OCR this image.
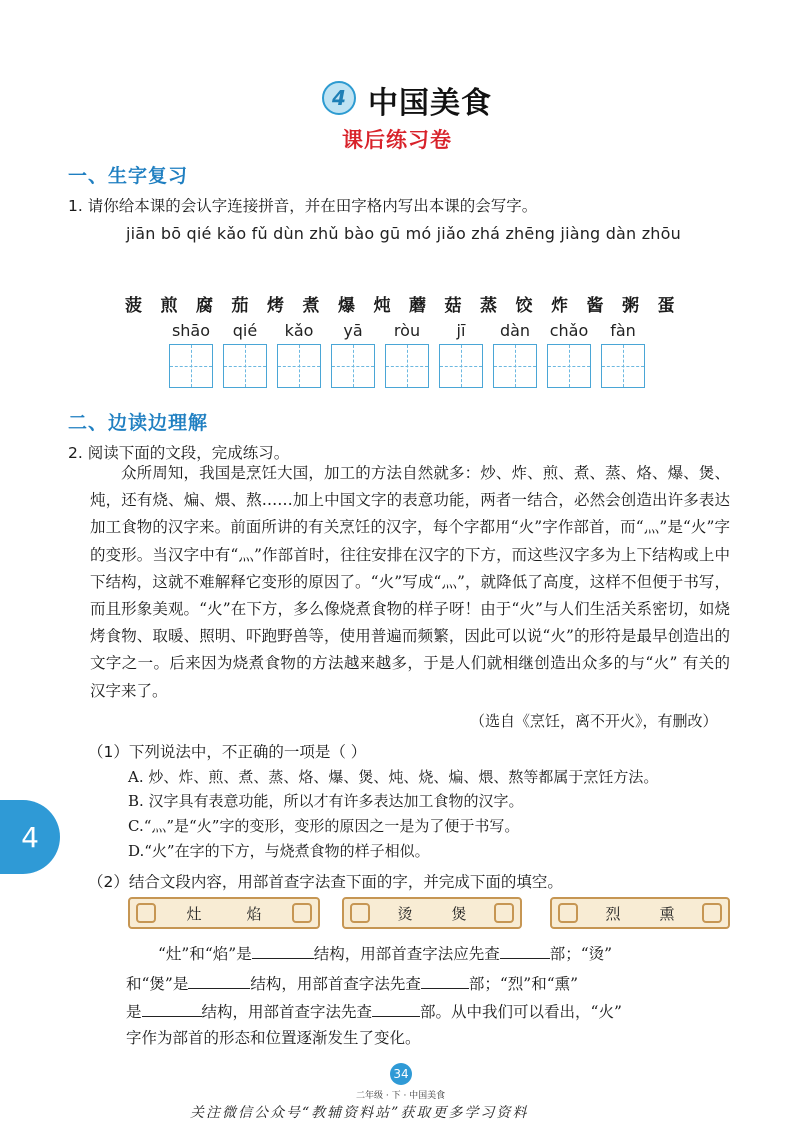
4 中国美食
课后练习卷
一、生字复习
1. 请你给本课的会认字连接拼音，并在田字格内写出本课的会写字。
jiān bō qié kǎo fǔ dùn zhǔ bào gū mó jiǎo zhá zhēng jiàng dàn zhōu
菠	煎	腐	茄	烤	煮	爆	炖	蘑	菇	蒸	饺	炸	酱	粥	蛋
shāo qié kǎo yā ròu jī dàn chǎo fàn
二、边读边理解
2. 阅读下面的文段，完成练习。

众所周知，我国是烹饪大国，加工的方法自然就多：炒、炸、煎、煮、蒸、烙、爆、煲、炖，还有烧、煸、煨、熬……加上中国文字的表意功能，两者一结合，必然会创造出许多表达加工食物的汉字来。前面所讲的有关烹饪的汉字，每个字都用“火”字作部首，而“灬”是“火”字的变形。当汉字中有“灬”作部首时，往往安排在汉字的下方，而这些汉字多为上下结构或上中下结构，这就不难解释它变形的原因了。“火”写成“灬”，就降低了高度，这样不但便于书写，而且形象美观。“火”在下方，多么像烧煮食物的样子呀！由于“火”与人们生活关系密切，如烧烤食物、取暖、照明、吓跑野兽等，使用普遍而频繁，因此可以说“火”的形符是最早创造出的文字之一。后来因为烧煮食物的方法越来越多，于是人们就相继创造出众多的与“火” 有关的汉字来了。

（选自《烹饪，离不开火》，有删改）
（1）下列说法中，不正确的一项是（ ）
A. 炒、炸、煎、煮、蒸、烙、爆、煲、炖、烧、煸、煨、熬等都属于烹饪方法。
B. 汉字具有表意功能，所以才有许多表达加工食物的汉字。
C.“灬”是“火”字的变形，变形的原因之一是为了便于书写。
D.“火”在字的下方，与烧煮食物的样子相似。
4
（2）结合文段内容，用部首查字法查下面的字，并完成下面的填空。
灶	焰	烫	煲	烈	熏
“灶”和“焰”是	结构，用部首查字法应先查	部；“烫”
和“煲”是	结构，用部首查字法先查	部；“烈”和“熏”
是	结构，用部首查字法先查	部。从中我们可以看出，“火”
字作为部首的形态和位置逐渐发生了变化。
34
二年级 · 下 · 中国美食
关注微信公众号“教辅资料站”获取更多学习资料
